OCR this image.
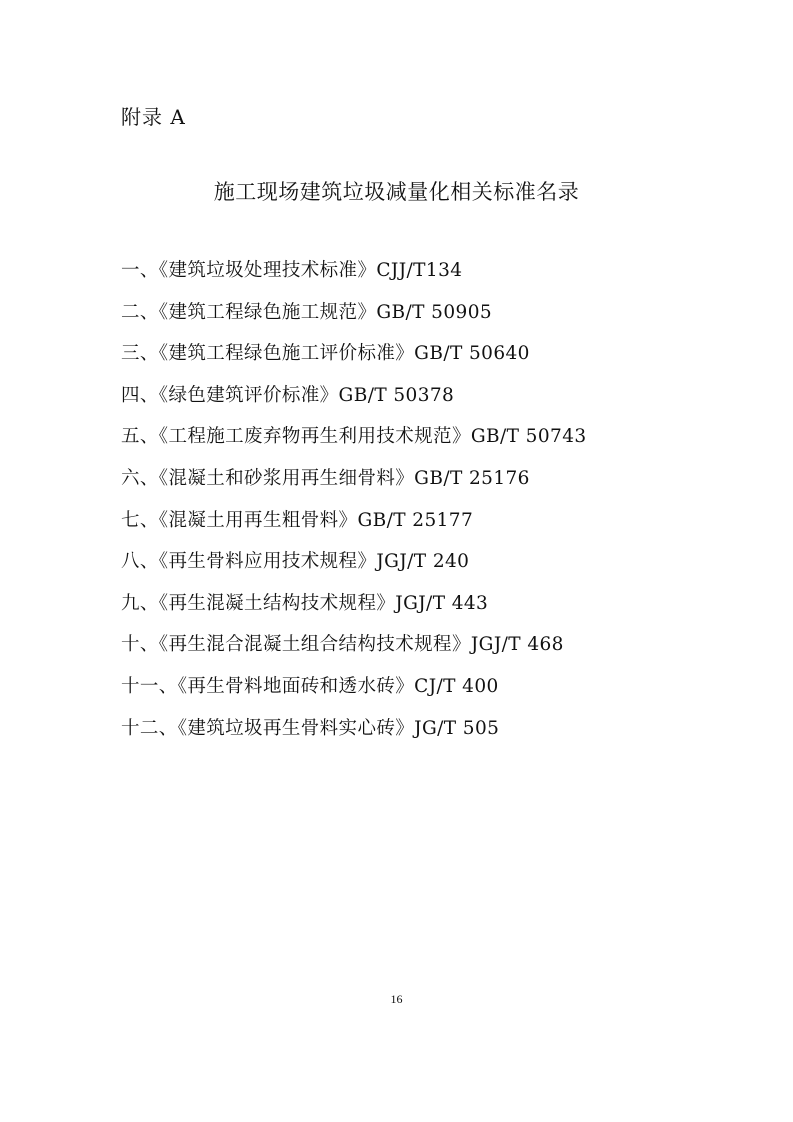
附录 A
施工现场建筑垃圾减量化相关标准名录
一、《建筑垃圾处理技术标准》CJJ/T134
二、《建筑工程绿色施工规范》GB/T 50905
三、《建筑工程绿色施工评价标准》GB/T 50640
四、《绿色建筑评价标准》GB/T 50378
五、《工程施工废弃物再生利用技术规范》GB/T 50743
六、《混凝土和砂浆用再生细骨料》GB/T 25176
七、《混凝土用再生粗骨料》GB/T 25177
八、《再生骨料应用技术规程》JGJ/T 240
九、《再生混凝土结构技术规程》JGJ/T 443
十、《再生混合混凝土组合结构技术规程》JGJ/T 468
十一、《再生骨料地面砖和透水砖》CJ/T 400
十二、《建筑垃圾再生骨料实心砖》JG/T 505
16
